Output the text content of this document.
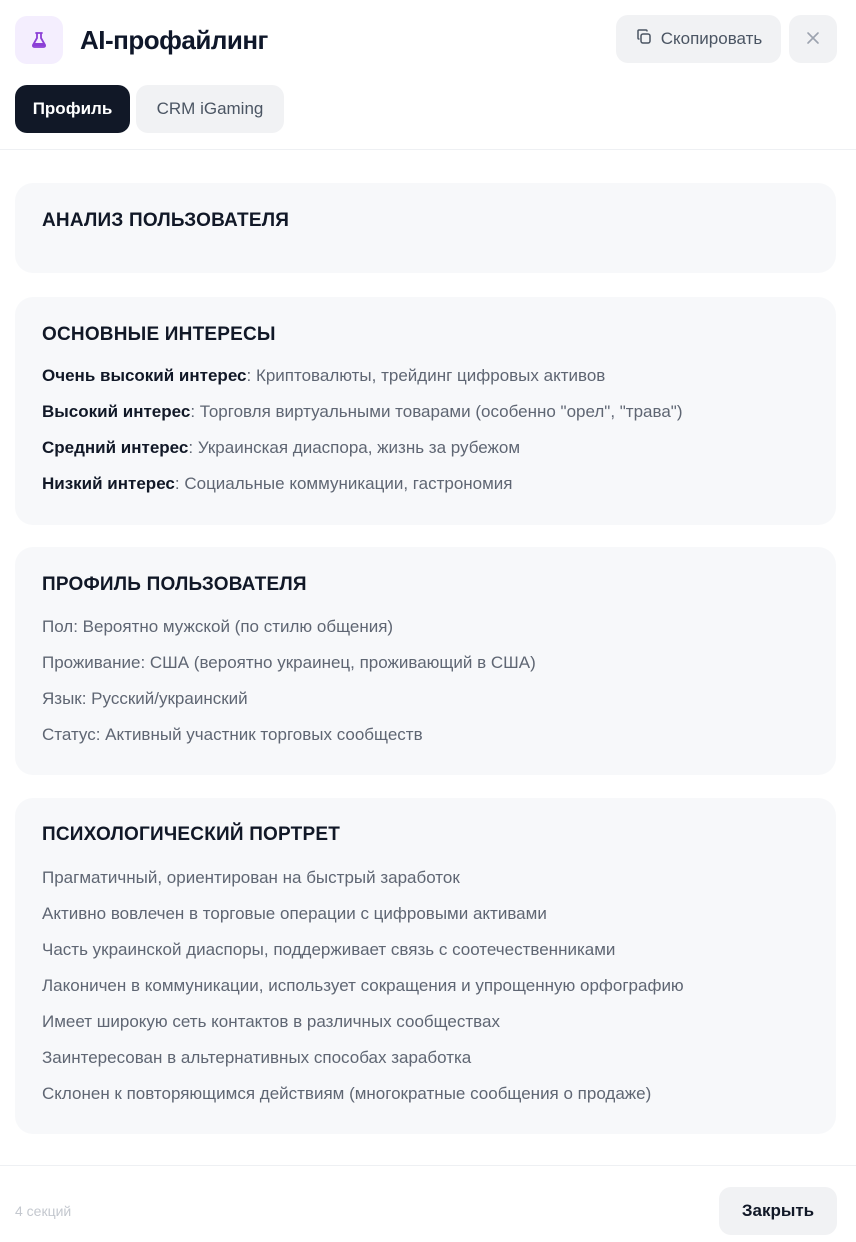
AI-профайлинг	Скопировать
Профиль	CRM iGaming
АНАЛИЗ ПОЛЬЗОВАТЕЛЯ
ОСНОВНЫЕ ИНТЕРЕСЫ
Очень высокий интерес: Криптовалюты, трейдинг цифровых активов
Высокий интерес: Торговля виртуальными товарами (особенно "орел", "трава")
Средний интерес: Украинская диаспора, жизнь за рубежом
Низкий интерес: Социальные коммуникации, гастрономия
ПРОФИЛЬ ПОЛЬЗОВАТЕЛЯ
Пол: Вероятно мужской (по стилю общения)
Проживание: США (вероятно украинец, проживающий в США)
Язык: Русский/украинский
Статус: Активный участник торговых сообществ
ПСИХОЛОГИЧЕСКИЙ ПОРТРЕТ
Прагматичный, ориентирован на быстрый заработок
Активно вовлечен в торговые операции с цифровыми активами
Часть украинской диаспоры, поддерживает связь с соотечественниками
Лаконичен в коммуникации, использует сокращения и упрощенную орфографию
Имеет широкую сеть контактов в различных сообществах
Заинтересован в альтернативных способах заработка
Склонен к повторяющимся действиям (многократные сообщения о продаже)
4 секций	Закрыть
